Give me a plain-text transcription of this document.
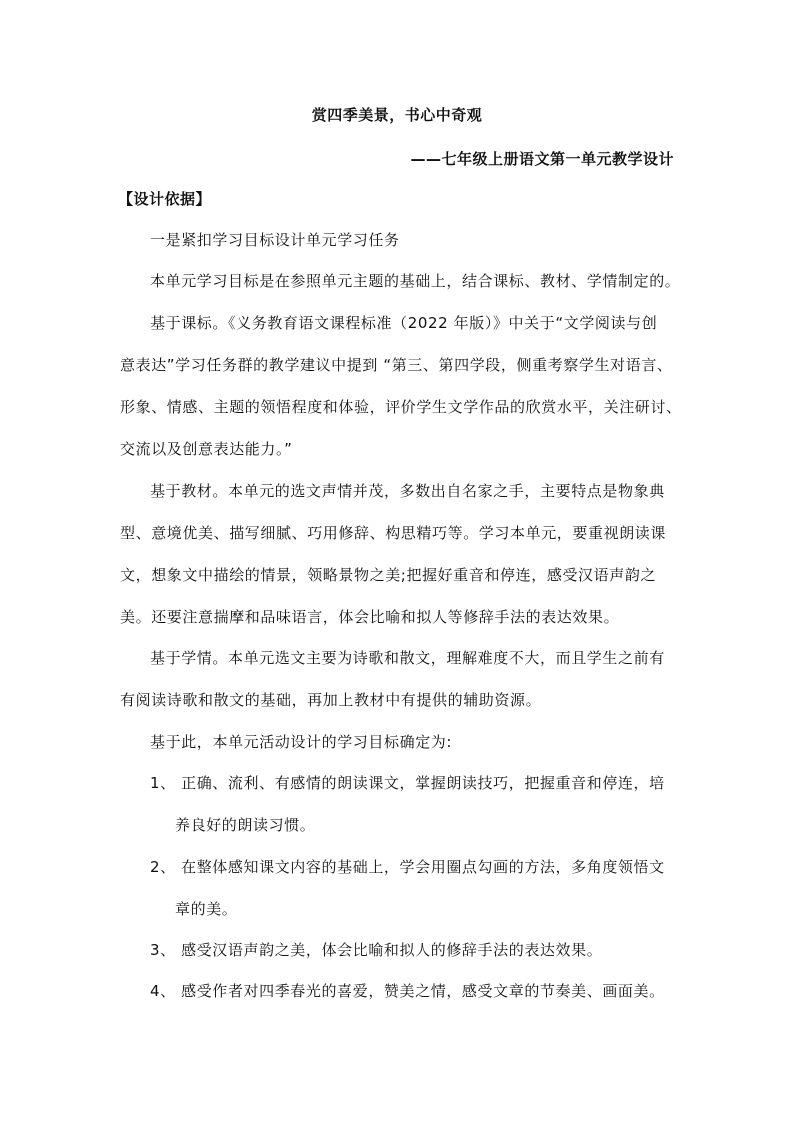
赏四季美景，书心中奇观
——七年级上册语文第一单元教学设计
【设计依据】
一是紧扣学习目标设计单元学习任务
本单元学习目标是在参照单元主题的基础上，结合课标、教材、学情制定的。
基于课标。《义务教育语文课程标准（2022 年版）》中关于“文学阅读与创
意表达”学习任务群的教学建议中提到 “第三、第四学段，侧重考察学生对语言、
形象、情感、主题的领悟程度和体验，评价学生文学作品的欣赏水平，关注研讨、
交流以及创意表达能力。”
基于教材。本单元的选文声情并茂，多数出自名家之手，主要特点是物象典
型、意境优美、描写细腻、巧用修辞、构思精巧等。学习本单元，要重视朗读课
文，想象文中描绘的情景，领略景物之美;把握好重音和停连，感受汉语声韵之
美。还要注意揣摩和品味语言，体会比喻和拟人等修辞手法的表达效果。
基于学情。本单元选文主要为诗歌和散文，理解难度不大，而且学生之前有
有阅读诗歌和散文的基础，再加上教材中有提供的辅助资源。
基于此，本单元活动设计的学习目标确定为:
1、 正确、流利、有感情的朗读课文，掌握朗读技巧，把握重音和停连，培
养良好的朗读习惯。
2、 在整体感知课文内容的基础上，学会用圈点勾画的方法，多角度领悟文
章的美。
3、 感受汉语声韵之美，体会比喻和拟人的修辞手法的表达效果。
4、 感受作者对四季春光的喜爱，赞美之情，感受文章的节奏美、画面美。
